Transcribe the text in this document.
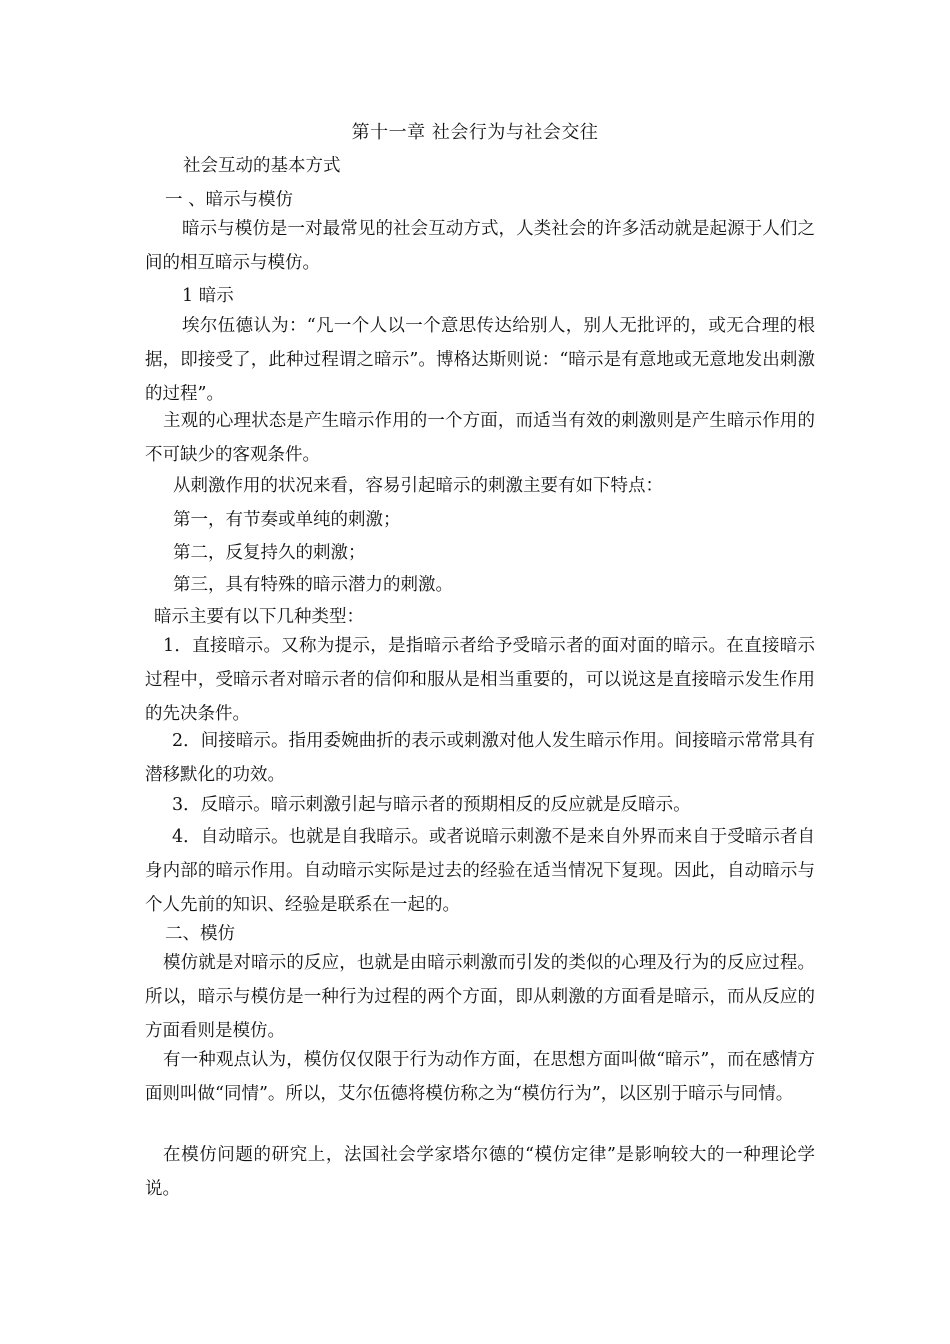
第十一章 社会行为与社会交往
社会互动的基本方式
一 、暗示与模仿

暗示与模仿是一对最常见的社会互动方式，人类社会的许多活动就是起源于人们之间的相互暗示与模仿。

1 暗示

埃尔伍德认为：“凡一个人以一个意思传达给别人，别人无批评的，或无合理的根据，即接受了，此种过程谓之暗示”。博格达斯则说：“暗示是有意地或无意地发出刺激的过程”。

主观的心理状态是产生暗示作用的一个方面，而适当有效的刺激则是产生暗示作用的不可缺少的客观条件。

从刺激作用的状况来看，容易引起暗示的刺激主要有如下特点：
第一，有节奏或单纯的刺激；
第二，反复持久的刺激；
第三，具有特殊的暗示潜力的刺激。
暗示主要有以下几种类型：

1．直接暗示。又称为提示，是指暗示者给予受暗示者的面对面的暗示。在直接暗示过程中，受暗示者对暗示者的信仰和服从是相当重要的，可以说这是直接暗示发生作用的先决条件。

2．间接暗示。指用委婉曲折的表示或刺激对他人发生暗示作用。间接暗示常常具有潜移默化的功效。

3．反暗示。暗示刺激引起与暗示者的预期相反的反应就是反暗示。

4．自动暗示。也就是自我暗示。或者说暗示刺激不是来自外界而来自于受暗示者自身内部的暗示作用。自动暗示实际是过去的经验在适当情况下复现。因此，自动暗示与个人先前的知识、经验是联系在一起的。

二、模仿

模仿就是对暗示的反应，也就是由暗示刺激而引发的类似的心理及行为的反应过程。所以，暗示与模仿是一种行为过程的两个方面，即从刺激的方面看是暗示，而从反应的方面看则是模仿。

有一种观点认为，模仿仅仅限于行为动作方面，在思想方面叫做“暗示”，而在感情方面则叫做“同情”。所以，艾尔伍德将模仿称之为“模仿行为”，以区别于暗示与同情。

在模仿问题的研究上，法国社会学家塔尔德的“模仿定律”是影响较大的一种理论学说。
